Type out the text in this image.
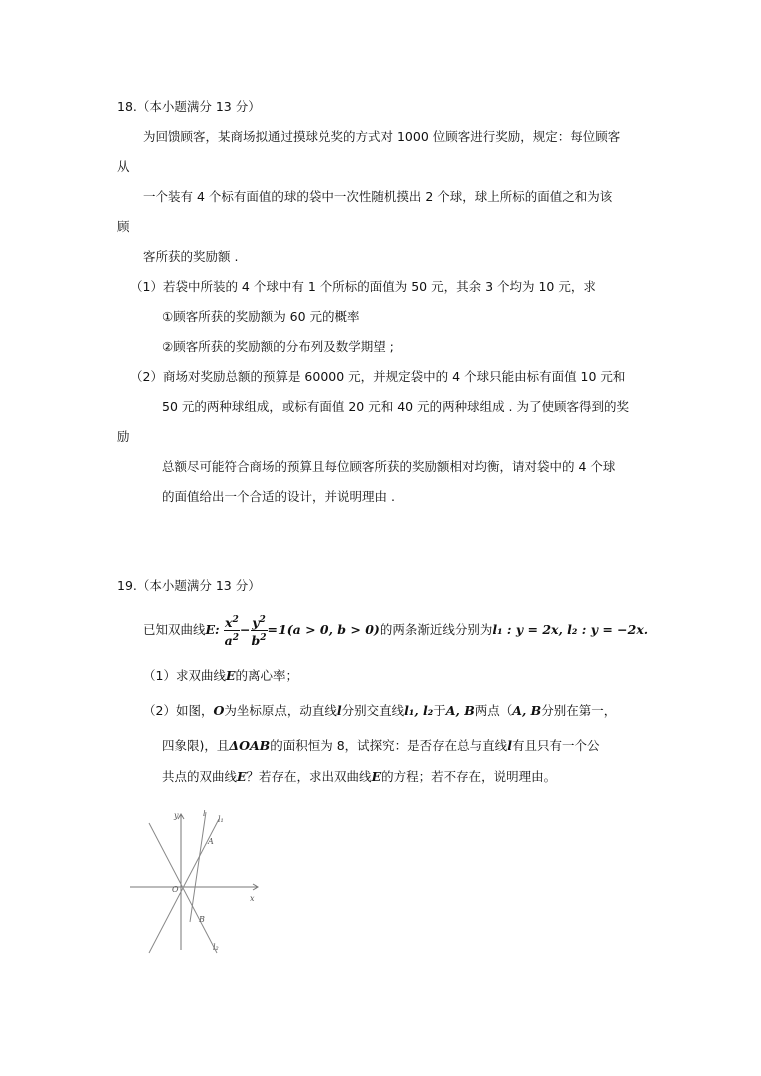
18.（本小题满分 13 分）
为回馈顾客，某商场拟通过摸球兑奖的方式对 1000 位顾客进行奖励，规定：每位顾客
从
一个装有 4 个标有面值的球的袋中一次性随机摸出 2 个球，球上所标的面值之和为该
顾
客所获的奖励额 .
（1）若袋中所装的 4 个球中有 1 个所标的面值为 50 元，其余 3 个均为 10 元，求
①顾客所获的奖励额为 60 元的概率
②顾客所获的奖励额的分布列及数学期望 ;
（2）商场对奖励总额的预算是 60000 元，并规定袋中的 4 个球只能由标有面值 10 元和
50 元的两种球组成，或标有面值 20 元和 40 元的两种球组成 . 为了使顾客得到的奖
励
总额尽可能符合商场的预算且每位顾客所获的奖励额相对均衡，请对袋中的 4 个球
的面值给出一个合适的设计，并说明理由 .
19.（本小题满分 13 分）
已知双曲线E: $\frac{x^2}{a^2} - \frac{y^2}{b^2} =1(a > 0$, b > 0)的两条渐近线分别为l₁ : y = 2x, l₂ : y = −2x.
（1）求双曲线E的离心率；
（2）如图，O为坐标原点，动直线l分别交直线l₁, l₂于A, B两点（A, B分别在第一，
四象限)，且ΔOAB的面积恒为 8，试探究：是否存在总与直线l有且只有一个公
共点的双曲线E？若存在，求出双曲线E的方程；若不存在，说明理由。
y
x
O
A
B
l
l₁
l₂
